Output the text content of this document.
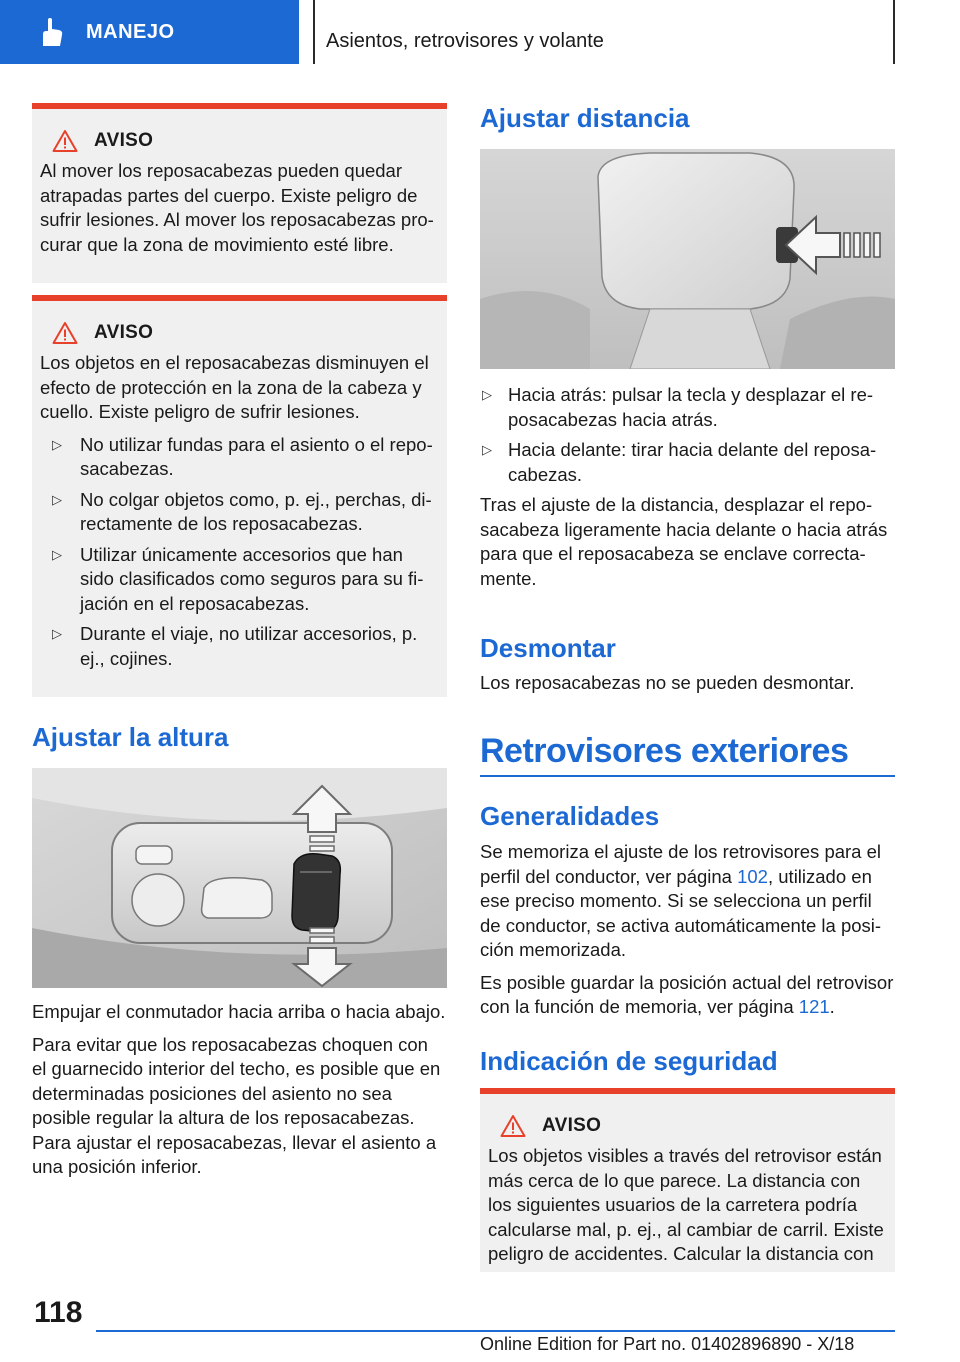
MANEJO	Asientos, retrovisores y volante
AVISO

Al mover los reposacabezas pueden quedar atrapadas partes del cuerpo. Existe peligro de sufrir lesiones. Al mover los reposacabezas procurar que la zona de movimiento esté libre.

AVISO

Los objetos en el reposacabezas disminuyen el efecto de protección en la zona de la cabeza y cuello. Existe peligro de sufrir lesiones.

▷ No utilizar fundas para el asiento o el reposacabezas.
▷ No colgar objetos como, p. ej., perchas, directamente de los reposacabezas.
▷ Utilizar únicamente accesorios que han sido clasificados como seguros para su fijación en el reposacabezas.
▷ Durante el viaje, no utilizar accesorios, p. ej., cojines.
Ajustar la altura

Empujar el conmutador hacia arriba o hacia abajo.

Para evitar que los reposacabezas choquen con el guarnecido interior del techo, es posible que en determinadas posiciones del asiento no sea posible regular la altura de los reposacabezas. Para ajustar el reposacabezas, llevar el asiento a una posición inferior.

Ajustar distancia
▷ Hacia atrás: pulsar la tecla y desplazar el reposacabezas hacia atrás.
▷ Hacia delante: tirar hacia delante del reposacabezas.

Tras el ajuste de la distancia, desplazar el reposacabeza ligeramente hacia delante o hacia atrás para que el reposacabeza se enclave correctamente.

Desmontar
Los reposacabezas no se pueden desmontar.
Retrovisores exteriores
Generalidades

Se memoriza el ajuste de los retrovisores para el perfil del conductor, ver página 102, utilizado en ese preciso momento. Si se selecciona un perfil de conductor, se activa automáticamente la posición memorizada.

Es posible guardar la posición actual del retrovisor con la función de memoria, ver página 121.

Indicación de seguridad
AVISO

Los objetos visibles a través del retrovisor están más cerca de lo que parece. La distancia con los siguientes usuarios de la carretera podría calcularse mal, p. ej., al cambiar de carril. Existe peligro de accidentes. Calcular la distancia con

118
Online Edition for Part no. 01402896890 - X/18
